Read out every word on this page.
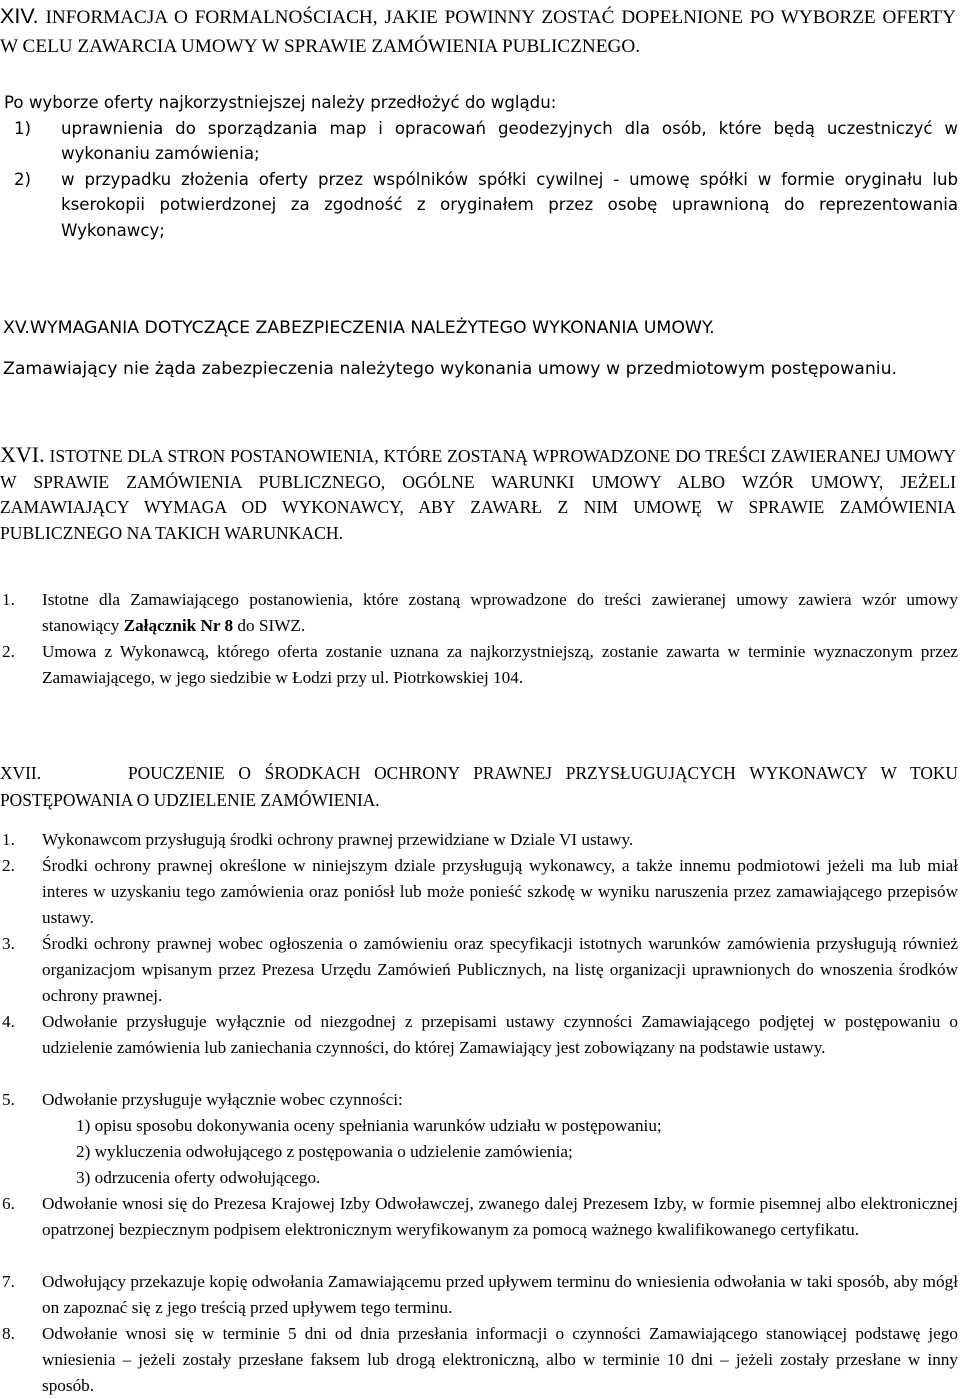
XIV. INFORMACJA O FORMALNOŚCIACH, JAKIE POWINNY ZOSTAĆ DOPEŁNIONE PO WYBORZE OFERTY W CELU ZAWARCIA UMOWY W SPRAWIE ZAMÓWIENIA PUBLICZNEGO.

Po wyborze oferty najkorzystniejszej należy przedłożyć do wglądu:
1) uprawnienia do sporządzania map i opracowań geodezyjnych dla osób, które będą uczestniczyć w wykonaniu zamówienia;
2) w przypadku złożenia oferty przez wspólników spółki cywilnej - umowę spółki w formie oryginału lub kserokopii potwierdzonej za zgodność z oryginałem przez osobę uprawnioną do reprezentowania Wykonawcy;

XV.WYMAGANIA DOTYCZĄCE ZABEZPIECZENIA NALEŻYTEGO WYKONANIA UMOWY.

Zamawiający nie żąda zabezpieczenia należytego wykonania umowy w przedmiotowym postępowaniu.

XVI. ISTOTNE DLA STRON POSTANOWIENIA, KTÓRE ZOSTANĄ WPROWADZONE DO TREŚCI ZAWIERANEJ UMOWY W SPRAWIE ZAMÓWIENIA PUBLICZNEGO, OGÓLNE WARUNKI UMOWY ALBO WZÓR UMOWY, JEŻELI ZAMAWIAJĄCY WYMAGA OD WYKONAWCY, ABY ZAWARŁ Z NIM UMOWĘ W SPRAWIE ZAMÓWIENIA PUBLICZNEGO NA TAKICH WARUNKACH.

1. Istotne dla Zamawiającego postanowienia, które zostaną wprowadzone do treści zawieranej umowy zawiera wzór umowy stanowiący Załącznik Nr 8 do SIWZ.
2. Umowa z Wykonawcą, którego oferta zostanie uznana za najkorzystniejszą, zostanie zawarta w terminie wyznaczonym przez Zamawiającego, w jego siedzibie w Łodzi przy ul. Piotrkowskiej 104.

XVII.	POUCZENIE O ŚRODKACH OCHRONY PRAWNEJ PRZYSŁUGUJĄCYCH WYKONAWCY W TOKU POSTĘPOWANIA O UDZIELENIE ZAMÓWIENIA.

1. Wykonawcom przysługują środki ochrony prawnej przewidziane w Dziale VI ustawy.
2. Środki ochrony prawnej określone w niniejszym dziale przysługują wykonawcy, a także innemu podmiotowi jeżeli ma lub miał interes w uzyskaniu tego zamówienia oraz poniósł lub może ponieść szkodę w wyniku naruszenia przez zamawiającego przepisów ustawy.
3. Środki ochrony prawnej wobec ogłoszenia o zamówieniu oraz specyfikacji istotnych warunków zamówienia przysługują również organizacjom wpisanym przez Prezesa Urzędu Zamówień Publicznych, na listę organizacji uprawnionych do wnoszenia środków ochrony prawnej.
4. Odwołanie przysługuje wyłącznie od niezgodnej z przepisami ustawy czynności Zamawiającego podjętej w postępowaniu o udzielenie zamówienia lub zaniechania czynności, do której Zamawiający jest zobowiązany na podstawie ustawy.
5. Odwołanie przysługuje wyłącznie wobec czynności:
1) opisu sposobu dokonywania oceny spełniania warunków udziału w postępowaniu;
2) wykluczenia odwołującego z postępowania o udzielenie zamówienia;
3) odrzucenia oferty odwołującego.
6. Odwołanie wnosi się do Prezesa Krajowej Izby Odwoławczej, zwanego dalej Prezesem Izby, w formie pisemnej albo elektronicznej opatrzonej bezpiecznym podpisem elektronicznym weryfikowanym za pomocą ważnego kwalifikowanego certyfikatu.
7. Odwołujący przekazuje kopię odwołania Zamawiającemu przed upływem terminu do wniesienia odwołania w taki sposób, aby mógł on zapoznać się z jego treścią przed upływem tego terminu.
8. Odwołanie wnosi się w terminie 5 dni od dnia przesłania informacji o czynności Zamawiającego stanowiącej podstawę jego wniesienia – jeżeli zostały przesłane faksem lub drogą elektroniczną, albo w terminie 10 dni – jeżeli zostały przesłane w inny sposób.
